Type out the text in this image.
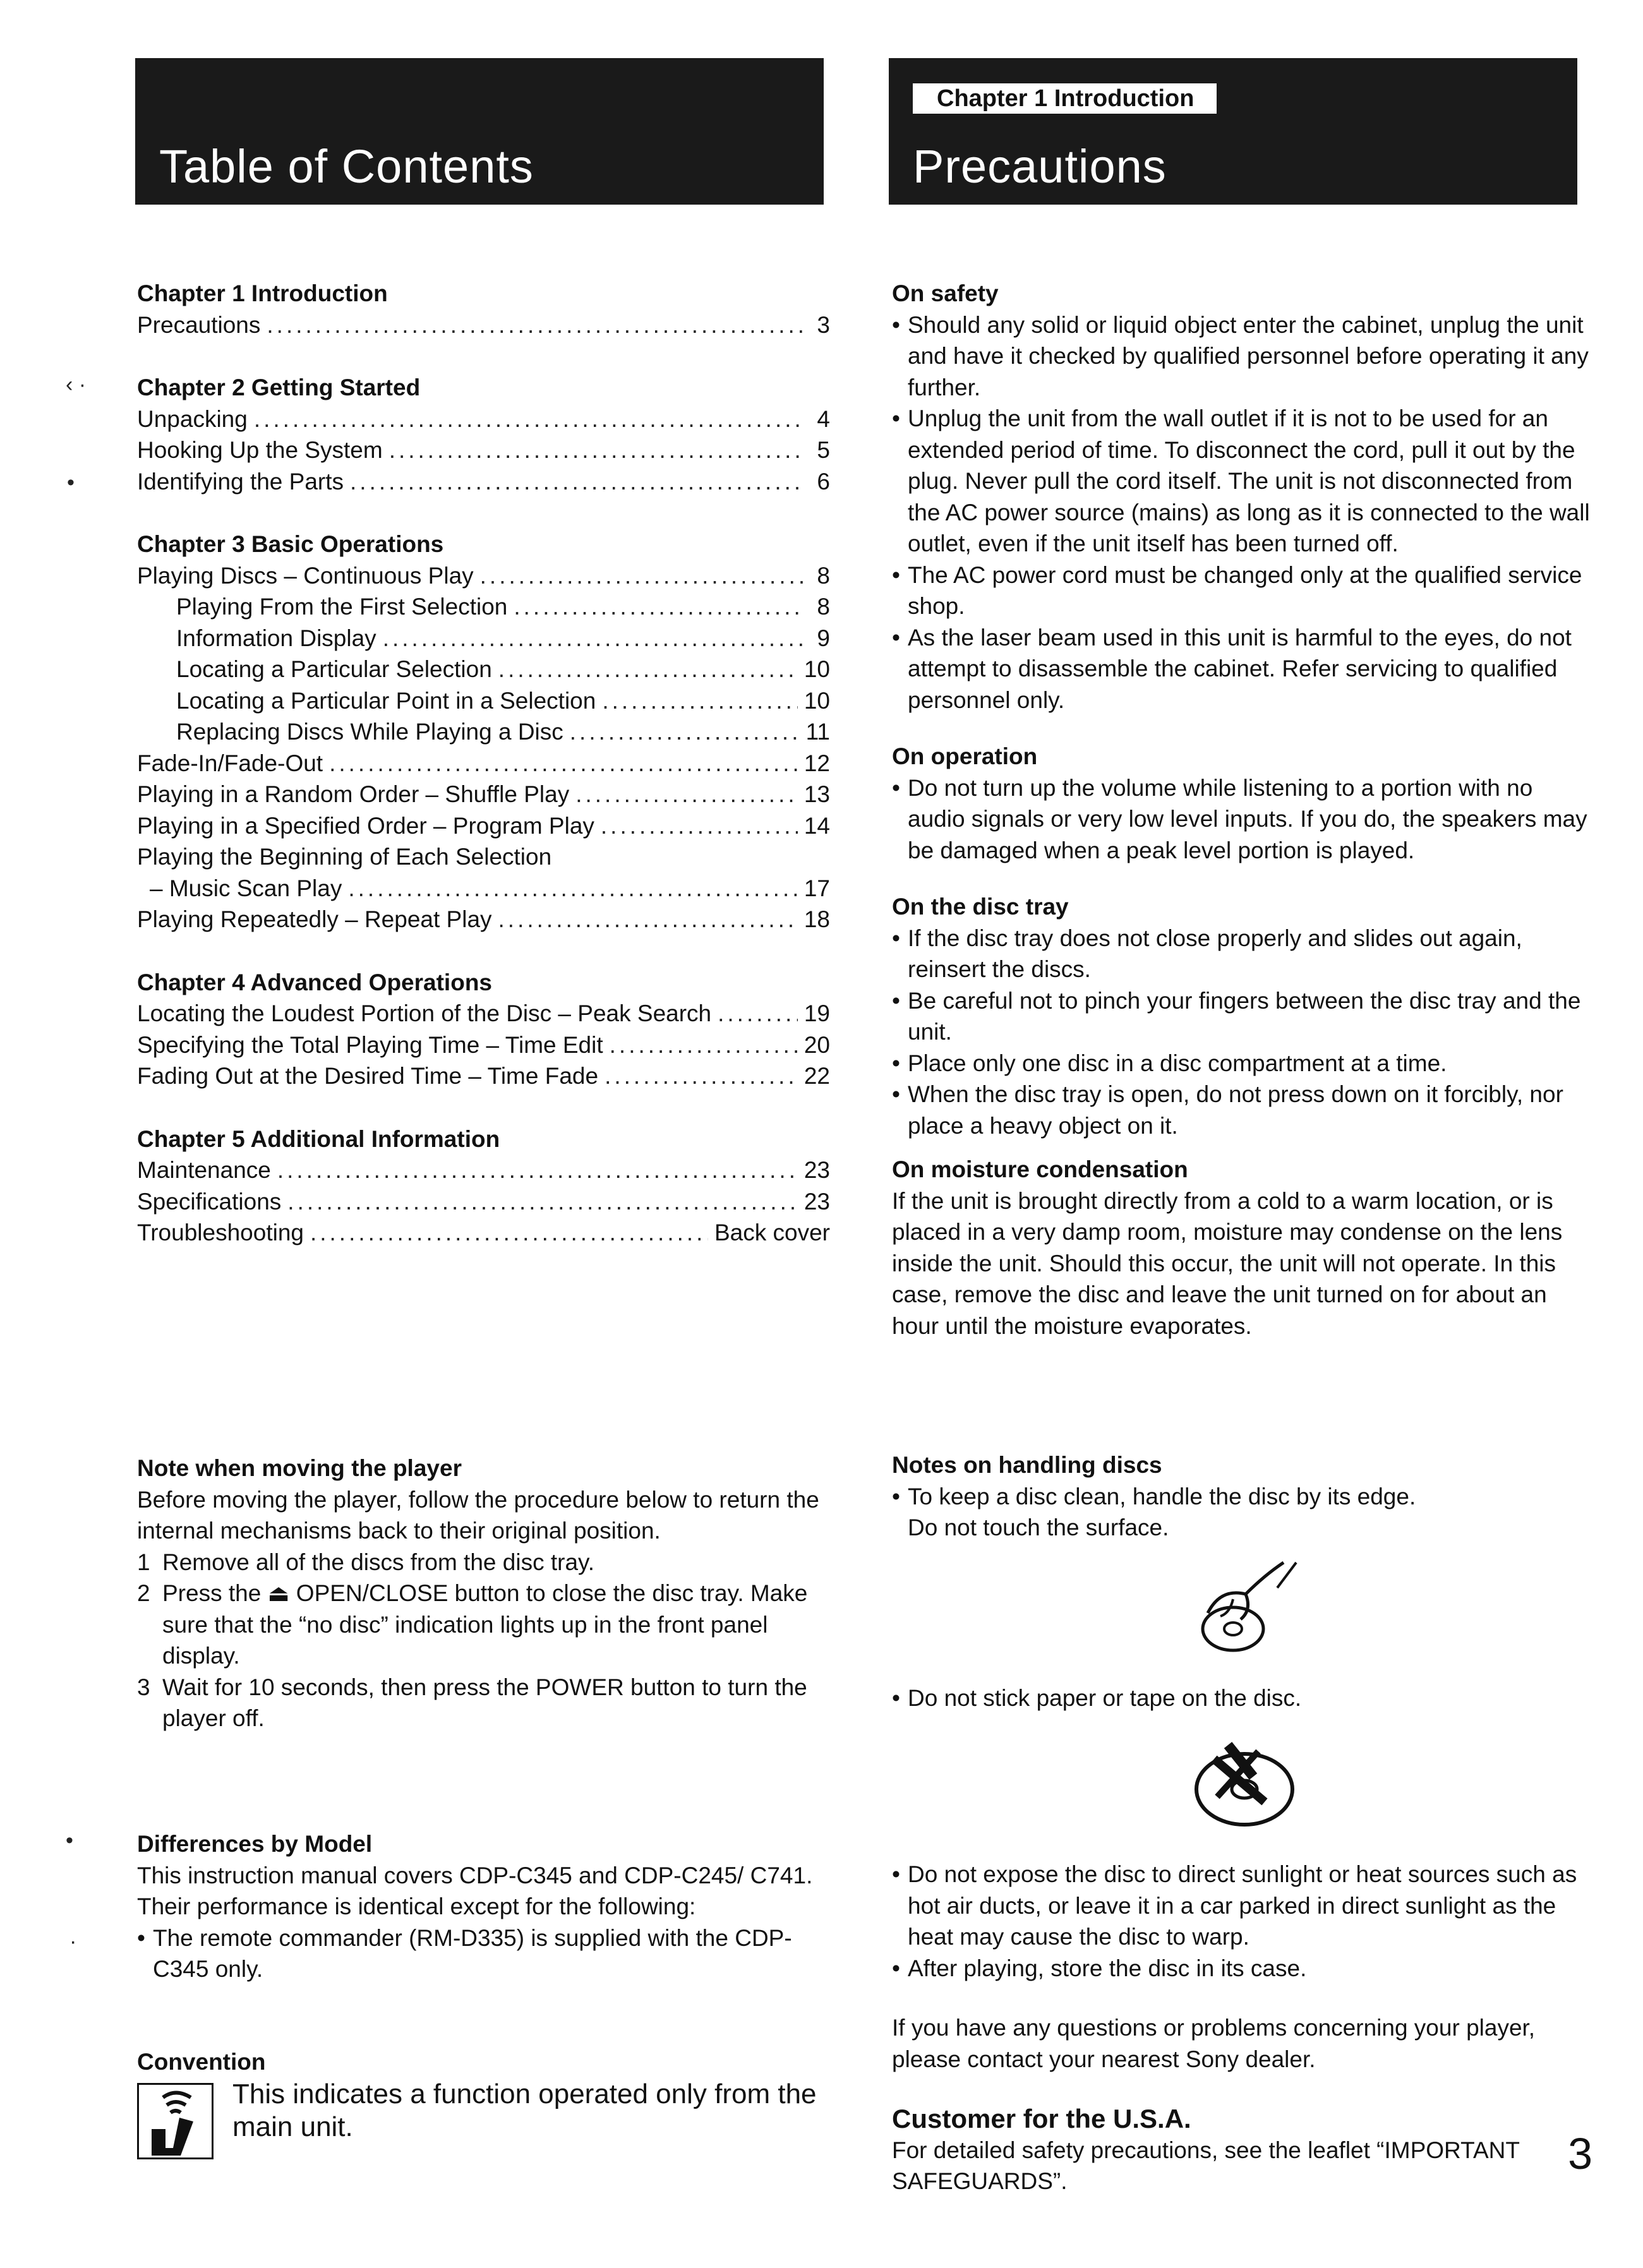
Table of Contents
Chapter 1 Introduction
Precautions
‹ ·
•
•
·
Chapter 1 Introduction
Precautions .....	3
Chapter 2 Getting Started
Unpacking .....	4
Hooking Up the System .....	5
Identifying the Parts .....	6
Chapter 3 Basic Operations
Playing Discs – Continuous Play .....	8
Playing From the First Selection .....	8
Information Display .....	9
Locating a Particular Selection .....	10
Locating a Particular Point in a Selection .....	10
Replacing Discs While Playing a Disc .....	11
Fade-In/Fade-Out .....	12
Playing in a Random Order – Shuffle Play .....	13
Playing in a Specified Order – Program Play .....	14
Playing the Beginning of Each Selection
– Music Scan Play .....	17
Playing Repeatedly – Repeat Play .....	18
Chapter 4 Advanced Operations
Locating the Loudest Portion of the Disc – Peak Search .....	19
Specifying the Total Playing Time – Time Edit .....	20
Fading Out at the Desired Time – Time Fade .....	22
Chapter 5 Additional Information
Maintenance .....	23
Specifications .....	23
Troubleshooting .....	Back cover
Note when moving the player
Before moving the player, follow the procedure below to return the internal mechanisms back to their original position.
1 Remove all of the discs from the disc tray.
2 Press the ⏏ OPEN/CLOSE button to close the disc tray. Make sure that the “no disc” indication lights up in the front panel display.
3 Wait for 10 seconds, then press the POWER button to turn the player off.
Differences by Model
This instruction manual covers CDP-C345 and CDP-C245/ C741. Their performance is identical except for the following:
• The remote commander (RM-D335) is supplied with the CDP-C345 only.
Convention
This indicates a function operated only from the main unit.
On safety
• Should any solid or liquid object enter the cabinet, unplug the unit and have it checked by qualified personnel before operating it any further.
• Unplug the unit from the wall outlet if it is not to be used for an extended period of time. To disconnect the cord, pull it out by the plug. Never pull the cord itself. The unit is not disconnected from the AC power source (mains) as long as it is connected to the wall outlet, even if the unit itself has been turned off.
• The AC power cord must be changed only at the qualified service shop.
• As the laser beam used in this unit is harmful to the eyes, do not attempt to disassemble the cabinet. Refer servicing to qualified personnel only.
On operation
• Do not turn up the volume while listening to a portion with no audio signals or very low level inputs. If you do, the speakers may be damaged when a peak level portion is played.
On the disc tray
• If the disc tray does not close properly and slides out again, reinsert the discs.
• Be careful not to pinch your fingers between the disc tray and the unit.
• Place only one disc in a disc compartment at a time.
• When the disc tray is open, do not press down on it forcibly, nor place a heavy object on it.
On moisture condensation
If the unit is brought directly from a cold to a warm location, or is placed in a very damp room, moisture may condense on the lens inside the unit. Should this occur, the unit will not operate. In this case, remove the disc and leave the unit turned on for about an hour until the moisture evaporates.
Notes on handling discs
• To keep a disc clean, handle the disc by its edge.
Do not touch the surface.
• Do not stick paper or tape on the disc.
• Do not expose the disc to direct sunlight or heat sources such as hot air ducts, or leave it in a car parked in direct sunlight as the heat may cause the disc to warp.
• After playing, store the disc in its case.
If you have any questions or problems concerning your player, please contact your nearest Sony dealer.
Customer for the U.S.A.
For detailed safety precautions, see the leaflet “IMPORTANT SAFEGUARDS”.
3
